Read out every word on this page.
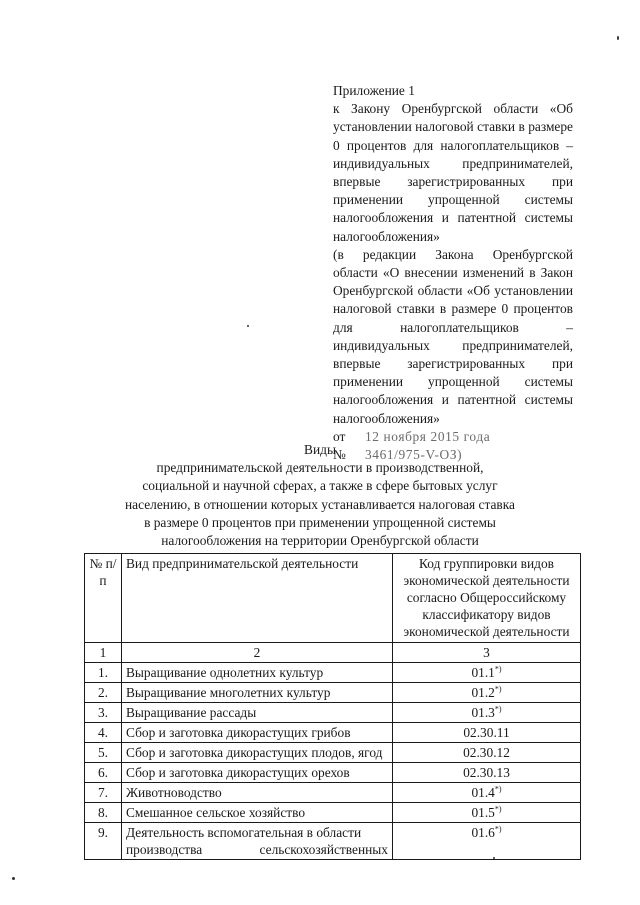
Приложение 1

к Закону Оренбургской области «Об установлении налоговой ставки в размере 0 процентов для налогоплательщиков – индивидуальных предпринимателей, впервые зарегистрированных при применении упрощенной системы налогообложения и патентной системы налогообложения»

(в редакции Закона Оренбургской области «О внесении изменений в Закон Оренбургской области «Об установлении налоговой ставки в размере 0 процентов для налогоплательщиков – индивидуальных предпринимателей, впервые зарегистрированных при применении упрощенной системы налогообложения и патентной системы налогообложения»

от	12 ноября 2015 года
№	3461/975-V-ОЗ)

Виды

предпринимательской деятельности в производственной,

социальной и научной сферах, а также в сфере бытовых услуг

населению, в отношении которых устанавливается налоговая ставка

в размере 0 процентов при применении упрощенной системы

налогообложения на территории Оренбургской области

№ п/п	Вид предпринимательской деятельности	Код группировки видов экономической деятельности согласно Общероссийскому классификатору видов экономической деятельности
1	2	3
1.	Выращивание однолетних культур	01.1*)
2.	Выращивание многолетних культур	01.2*)
3.	Выращивание рассады	01.3*)
4.	Сбор и заготовка дикорастущих грибов	02.30.11
5.	Сбор и заготовка дикорастущих плодов, ягод	02.30.12
6.	Сбор и заготовка дикорастущих орехов	02.30.13
7.	Животноводство	01.4*)
8.	Смешанное сельское хозяйство	01.5*)
9.	Деятельность вспомогательная в области
производства сельскохозяйственных	01.6*)
